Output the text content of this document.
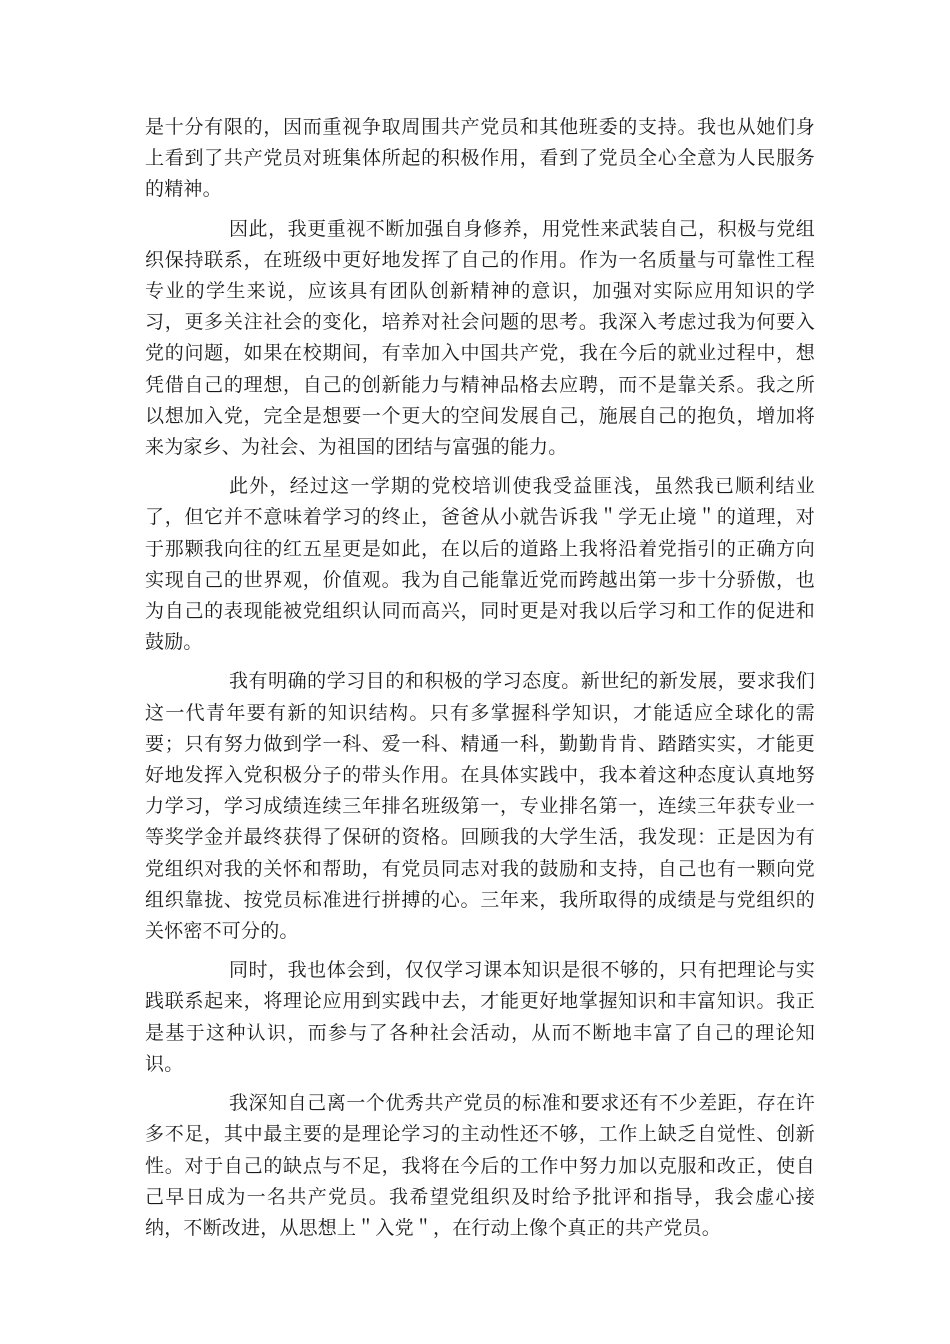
是十分有限的，因而重视争取周围共产党员和其他班委的支持。我也从她们身上看到了共产党员对班集体所起的积极作用，看到了党员全心全意为人民服务的精神。

因此，我更重视不断加强自身修养，用党性来武装自己，积极与党组织保持联系，在班级中更好地发挥了自己的作用。作为一名质量与可靠性工程专业的学生来说，应该具有团队创新精神的意识，加强对实际应用知识的学习，更多关注社会的变化，培养对社会问题的思考。我深入考虑过我为何要入党的问题，如果在校期间，有幸加入中国共产党，我在今后的就业过程中，想凭借自己的理想，自己的创新能力与精神品格去应聘，而不是靠关系。我之所以想加入党，完全是想要一个更大的空间发展自己，施展自己的抱负，增加将来为家乡、为社会、为祖国的团结与富强的能力。

此外，经过这一学期的党校培训使我受益匪浅，虽然我已顺利结业了，但它并不意味着学习的终止，爸爸从小就告诉我＂学无止境＂的道理，对于那颗我向往的红五星更是如此，在以后的道路上我将沿着党指引的正确方向实现自己的世界观，价值观。我为自己能靠近党而跨越出第一步十分骄傲，也为自己的表现能被党组织认同而高兴，同时更是对我以后学习和工作的促进和鼓励。

我有明确的学习目的和积极的学习态度。新世纪的新发展，要求我们这一代青年要有新的知识结构。只有多掌握科学知识，才能适应全球化的需要；只有努力做到学一科、爱一科、精通一科，勤勤肯肯、踏踏实实，才能更好地发挥入党积极分子的带头作用。在具体实践中，我本着这种态度认真地努力学习，学习成绩连续三年排名班级第一，专业排名第一，连续三年获专业一等奖学金并最终获得了保研的资格。回顾我的大学生活，我发现：正是因为有党组织对我的关怀和帮助，有党员同志对我的鼓励和支持，自己也有一颗向党组织靠拢、按党员标准进行拼搏的心。三年来，我所取得的成绩是与党组织的关怀密不可分的。

同时，我也体会到，仅仅学习课本知识是很不够的，只有把理论与实践联系起来，将理论应用到实践中去，才能更好地掌握知识和丰富知识。我正是基于这种认识，而参与了各种社会活动，从而不断地丰富了自己的理论知识。

我深知自己离一个优秀共产党员的标准和要求还有不少差距，存在许多不足，其中最主要的是理论学习的主动性还不够，工作上缺乏自觉性、创新性。对于自己的缺点与不足，我将在今后的工作中努力加以克服和改正，使自己早日成为一名共产党员。我希望党组织及时给予批评和指导，我会虚心接纳，不断改进，从思想上＂入党＂，在行动上像个真正的共产党员。
